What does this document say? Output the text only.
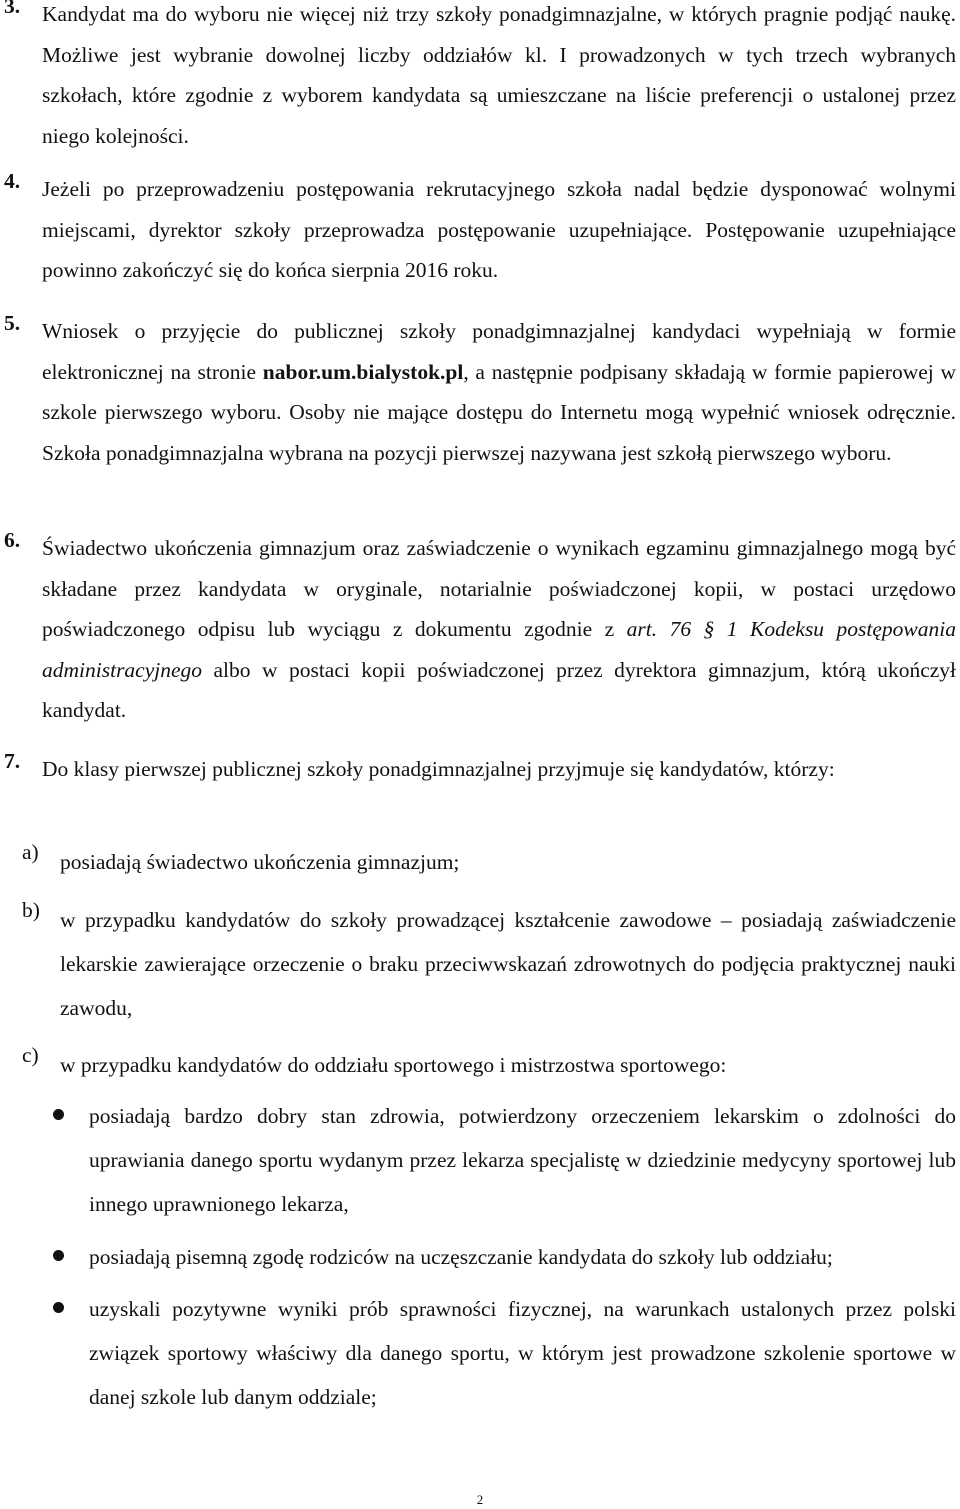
3. Kandydat ma do wyboru nie więcej niż trzy szkoły ponadgimnazjalne, w których pragnie podjąć naukę. Możliwe jest wybranie dowolnej liczby oddziałów kl. I prowadzonych w tych trzech wybranych szkołach, które zgodnie z wyborem kandydata są umieszczane na liście preferencji o ustalonej przez niego kolejności.
4. Jeżeli po przeprowadzeniu postępowania rekrutacyjnego szkoła nadal będzie dysponować wolnymi miejscami, dyrektor szkoły przeprowadza postępowanie uzupełniające. Postępowanie uzupełniające powinno zakończyć się do końca sierpnia 2016 roku.
5. Wniosek o przyjęcie do publicznej szkoły ponadgimnazjalnej kandydaci wypełniają w formie elektronicznej na stronie nabor.um.bialystok.pl, a następnie podpisany składają w formie papierowej w szkole pierwszego wyboru. Osoby nie mające dostępu do Internetu mogą wypełnić wniosek odręcznie. Szkoła ponadgimnazjalna wybrana na pozycji pierwszej nazywana jest szkołą pierwszego wyboru.
6. Świadectwo ukończenia gimnazjum oraz zaświadczenie o wynikach egzaminu gimnazjalnego mogą być składane przez kandydata w oryginale, notarialnie poświadczonej kopii, w postaci urzędowo poświadczonego odpisu lub wyciągu z dokumentu zgodnie z art. 76 § 1 Kodeksu postępowania administracyjnego albo w postaci kopii poświadczonej przez dyrektora gimnazjum, którą ukończył kandydat.
7. Do klasy pierwszej publicznej szkoły ponadgimnazjalnej przyjmuje się kandydatów, którzy:
a) posiadają świadectwo ukończenia gimnazjum;
b) w przypadku kandydatów do szkoły prowadzącej kształcenie zawodowe – posiadają zaświadczenie lekarskie zawierające orzeczenie o braku przeciwwskazań zdrowotnych do podjęcia praktycznej nauki zawodu,
c) w przypadku kandydatów do oddziału sportowego i mistrzostwa sportowego:
posiadają bardzo dobry stan zdrowia, potwierdzony orzeczeniem lekarskim o zdolności do uprawiania danego sportu wydanym przez lekarza specjalistę w dziedzinie medycyny sportowej lub innego uprawnionego lekarza,
posiadają pisemną zgodę rodziców na uczęszczanie kandydata do szkoły lub oddziału;
uzyskali pozytywne wyniki prób sprawności fizycznej, na warunkach ustalonych przez polski związek sportowy właściwy dla danego sportu, w którym jest prowadzone szkolenie sportowe w danej szkole lub danym oddziale;
2
